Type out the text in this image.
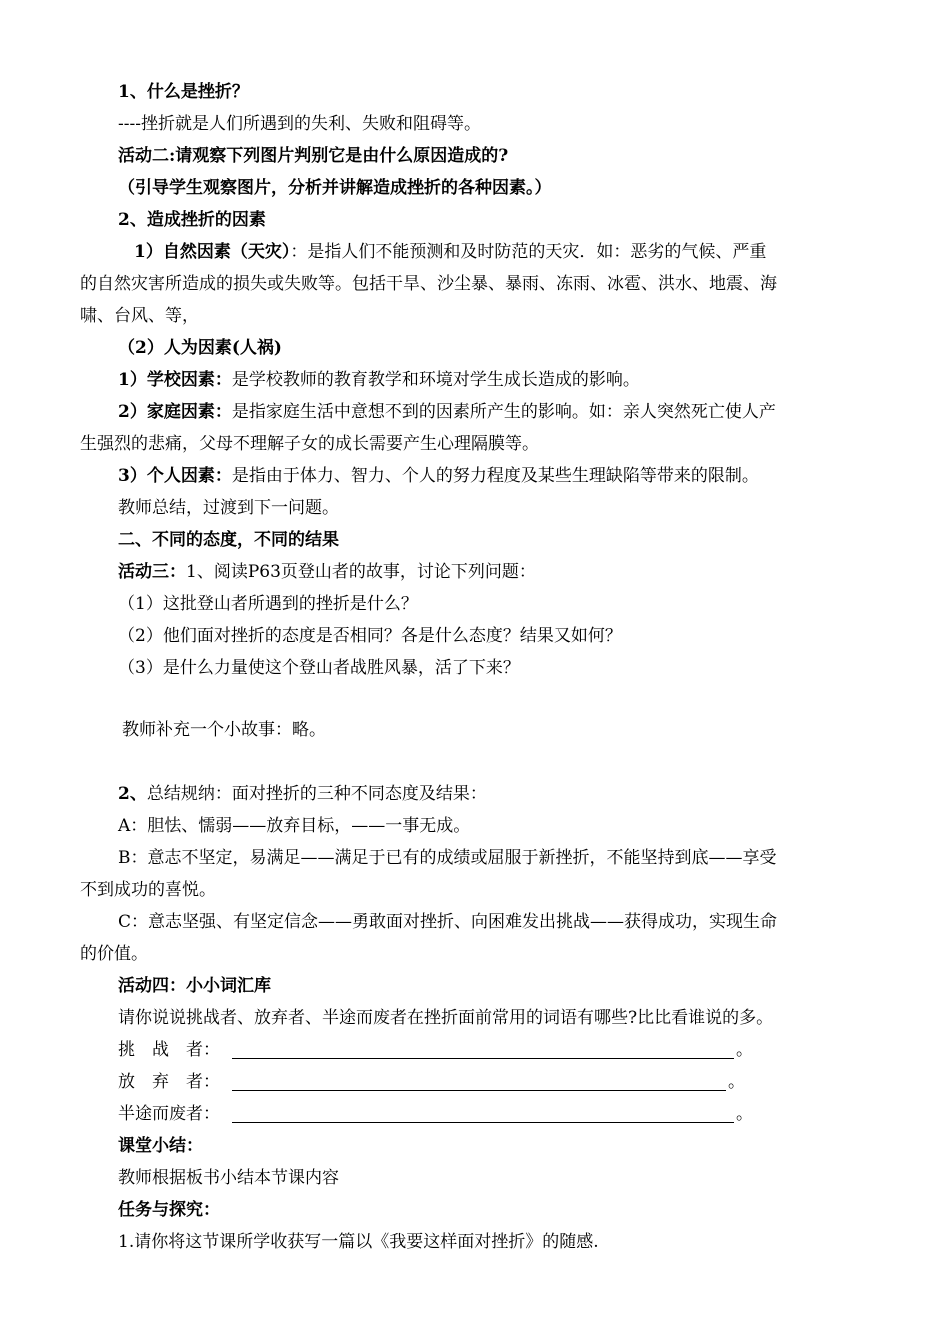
1、什么是挫折？
----挫折就是人们所遇到的失利、失败和阻碍等。
活动二:请观察下列图片判别它是由什么原因造成的?
（引导学生观察图片，分析并讲解造成挫折的各种因素。）
2、造成挫折的因素
1）自然因素（天灾）：是指人们不能预测和及时防范的天灾．如：恶劣的气候、严重
的自然灾害所造成的损失或失败等。包括干旱、沙尘暴、暴雨、冻雨、冰雹、洪水、地震、海
啸、台风、等，
（2）人为因素(人祸)
1）学校因素：是学校教师的教育教学和环境对学生成长造成的影响。
2）家庭因素：是指家庭生活中意想不到的因素所产生的影响。如：亲人突然死亡使人产
生强烈的悲痛，父母不理解子女的成长需要产生心理隔膜等。
3）个人因素：是指由于体力、智力、个人的努力程度及某些生理缺陷等带来的限制。
教师总结，过渡到下一问题。
二、不同的态度，不同的结果
活动三：1、阅读P63页登山者的故事，讨论下列问题：
（1）这批登山者所遇到的挫折是什么？
（2）他们面对挫折的态度是否相同？各是什么态度？结果又如何？
（3）是什么力量使这个登山者战胜风暴，活了下来？
教师补充一个小故事：略。
2、总结规纳：面对挫折的三种不同态度及结果：
A：胆怯、懦弱——放弃目标，——一事无成。
B：意志不坚定，易满足——满足于已有的成绩或屈服于新挫折，不能坚持到底——享受
不到成功的喜悦。
C：意志坚强、有坚定信念——勇敢面对挫折、向困难发出挑战——获得成功，实现生命
的价值。
活动四：小小词汇库
请你说说挑战者、放弃者、半途而废者在挫折面前常用的词语有哪些?比比看谁说的多。
挑　战　者：	。
放　弃　者：	。
半途而废者：	。
课堂小结：
教师根据板书小结本节课内容
任务与探究：
1.请你将这节课所学收获写一篇以《我要这样面对挫折》的随感.
